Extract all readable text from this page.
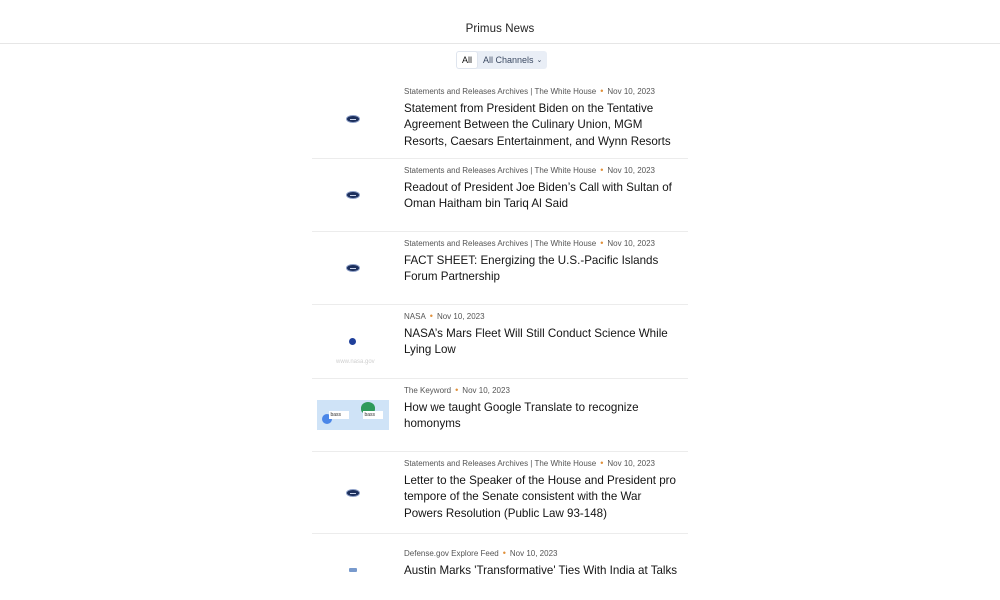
Primus News
All	All Channels ⌄
Statements and Releases Archives | The White House • Nov 10, 2023
Statement from President Biden on the Tentative Agreement Between the Culinary Union, MGM Resorts, Caesars Entertainment, and Wynn Resorts
Statements and Releases Archives | The White House • Nov 10, 2023
Readout of President Joe Biden’s Call with Sultan of Oman Haitham bin Tariq Al Said
Statements and Releases Archives | The White House • Nov 10, 2023
FACT SHEET: Energizing the U.S.-Pacific Islands Forum Partnership
www.nasa.gov
NASA • Nov 10, 2023
NASA’s Mars Fleet Will Still Conduct Science While Lying Low
bass	bass
The Keyword • Nov 10, 2023
How we taught Google Translate to recognize homonyms
Statements and Releases Archives | The White House • Nov 10, 2023
Letter to the Speaker of the House and President pro tempore of the Senate consistent with the War Powers Resolution (Public Law 93-148)
Defense.gov Explore Feed • Nov 10, 2023
Austin Marks 'Transformative' Ties With India at Talks
